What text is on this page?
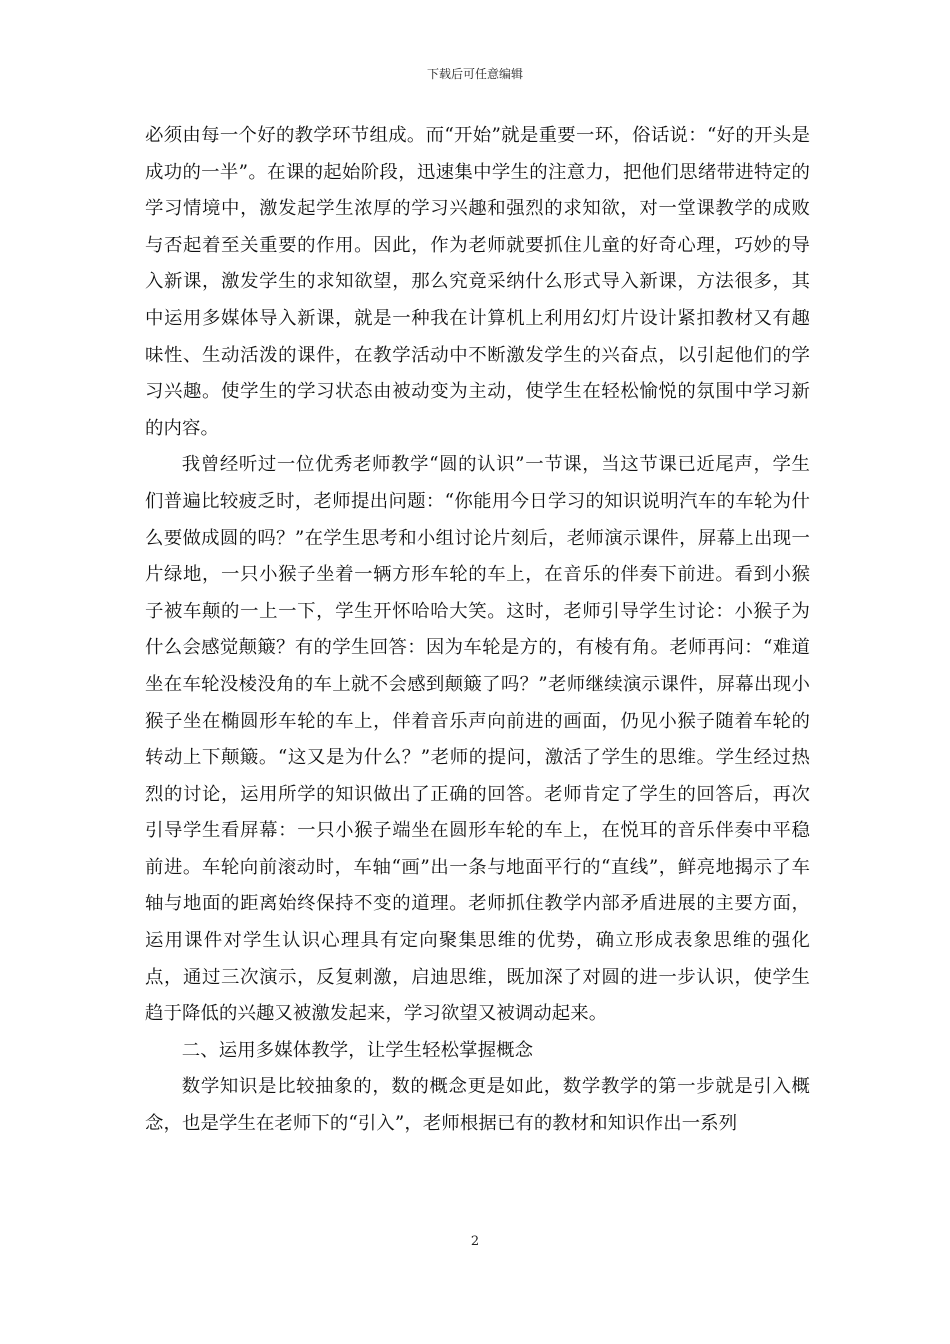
下载后可任意编辑

必须由每一个好的教学环节组成。而“开始”就是重要一环，俗话说：“好的开头是成功的一半”。在课的起始阶段，迅速集中学生的注意力，把他们思绪带进特定的学习情境中，激发起学生浓厚的学习兴趣和强烈的求知欲，对一堂课教学的成败与否起着至关重要的作用。因此，作为老师就要抓住儿童的好奇心理，巧妙的导入新课，激发学生的求知欲望，那么究竟采纳什么形式导入新课，方法很多，其中运用多媒体导入新课，就是一种我在计算机上利用幻灯片设计紧扣教材又有趣味性、生动活泼的课件，在教学活动中不断激发学生的兴奋点，以引起他们的学习兴趣。使学生的学习状态由被动变为主动，使学生在轻松愉悦的氛围中学习新的内容。

我曾经听过一位优秀老师教学“圆的认识”一节课，当这节课已近尾声，学生们普遍比较疲乏时，老师提出问题：“你能用今日学习的知识说明汽车的车轮为什么要做成圆的吗？”在学生思考和小组讨论片刻后，老师演示课件，屏幕上出现一片绿地，一只小猴子坐着一辆方形车轮的车上，在音乐的伴奏下前进。看到小猴子被车颠的一上一下，学生开怀哈哈大笑。这时，老师引导学生讨论：小猴子为什么会感觉颠簸？有的学生回答：因为车轮是方的，有棱有角。老师再问：“难道坐在车轮没棱没角的车上就不会感到颠簸了吗？”老师继续演示课件，屏幕出现小猴子坐在椭圆形车轮的车上，伴着音乐声向前进的画面，仍见小猴子随着车轮的转动上下颠簸。“这又是为什么？”老师的提问，激活了学生的思维。学生经过热烈的讨论，运用所学的知识做出了正确的回答。老师肯定了学生的回答后，再次引导学生看屏幕：一只小猴子端坐在圆形车轮的车上，在悦耳的音乐伴奏中平稳前进。车轮向前滚动时，车轴“画”出一条与地面平行的“直线”，鲜亮地揭示了车轴与地面的距离始终保持不变的道理。老师抓住教学内部矛盾进展的主要方面，运用课件对学生认识心理具有定向聚集思维的优势，确立形成表象思维的强化点，通过三次演示，反复刺激，启迪思维，既加深了对圆的进一步认识，使学生趋于降低的兴趣又被激发起来，学习欲望又被调动起来。

二、运用多媒体教学，让学生轻松掌握概念

数学知识是比较抽象的，数的概念更是如此，数学教学的第一步就是引入概念，也是学生在老师下的“引入”，老师根据已有的教材和知识作出一系列

2
